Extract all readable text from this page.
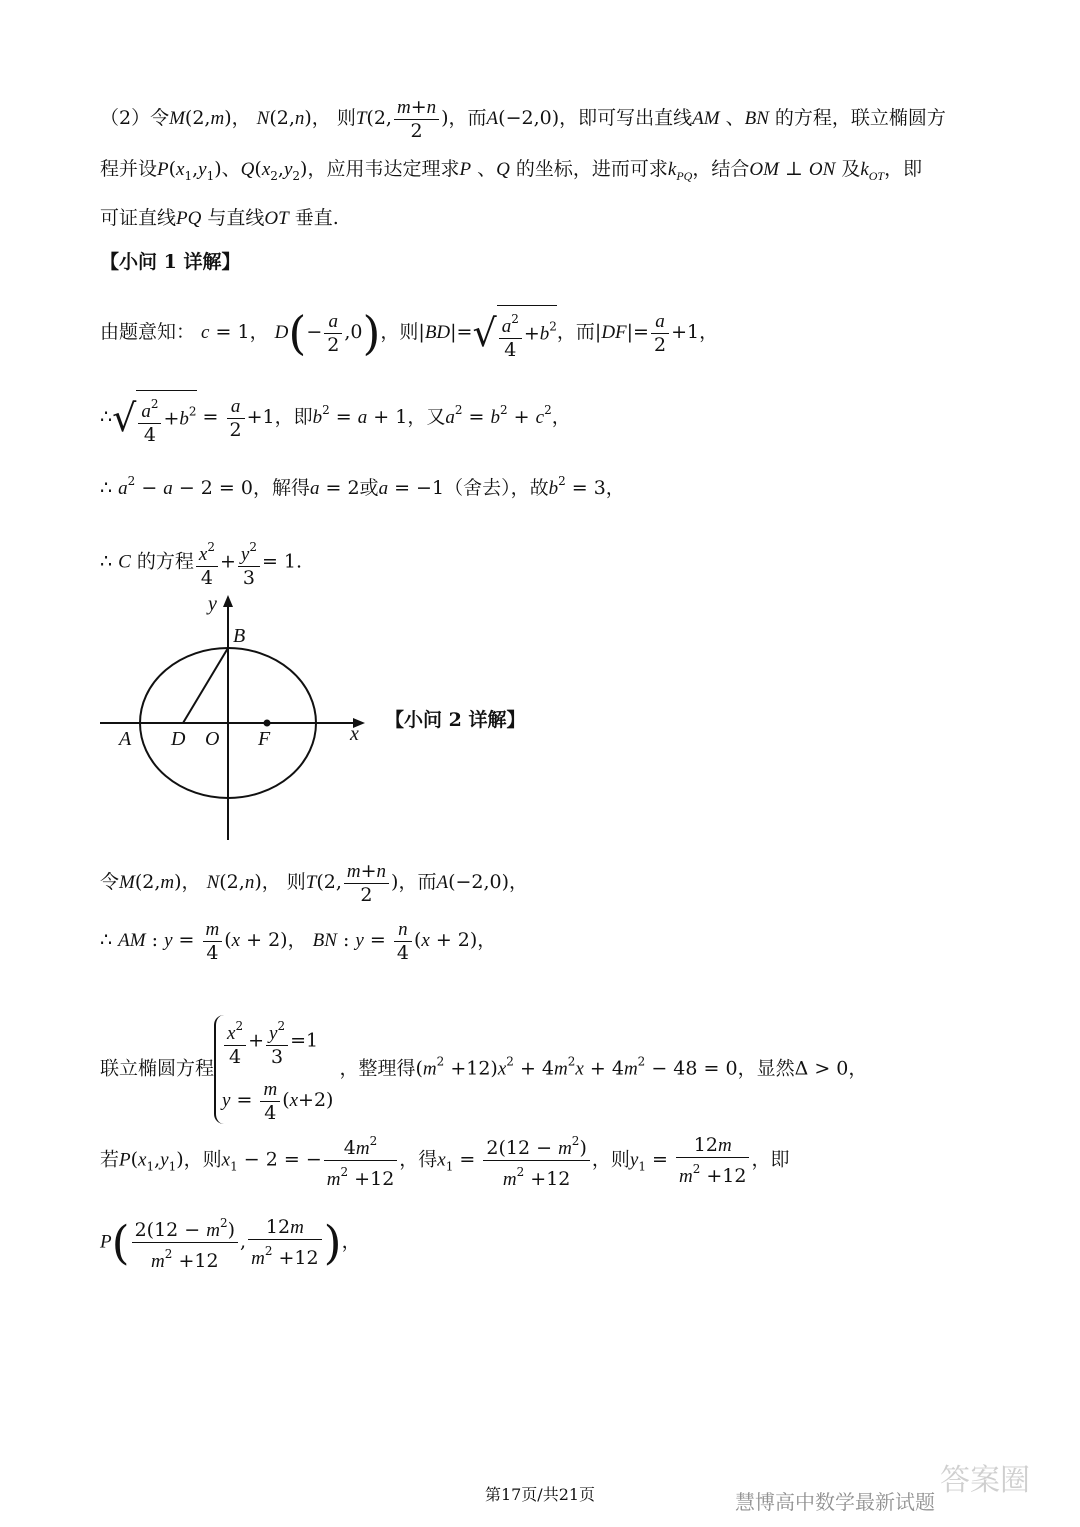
（2）令M(2,m)， N(2,n)， 则T(2, $\frac{m+n}{2}$ )，而A(−2,0)，即可写出直线AM 、BN 的方程，联立椭圆方
程并设$P(x_1,y_1)$、$Q(x_2,y_2)$，应用韦达定理求P 、Q 的坐标，进而可求$k_{PQ}$，结合OM ⊥ ON 及$k_{OT}$，即
可证直线PQ 与直线OT 垂直.
【小问 1 详解】
由题意知： c = 1， $D(- \frac{a}{2} ,0)$，则$|BD|=√ \frac{a^2}{4} +b^2$，而$|DF|= \frac{a}{2} +1$，
∴√ $\frac{a^2}{4} +b^2 = \frac{a}{2} +1$，即$b^2 = a + 1$，又$a^2 = b^2 + c^2$，
∴ $a^2 - a - 2 = 0$，解得a = 2或a = −1（舍去），故$b^2 = 3$，
∴ C 的方程 $\frac{x^2}{4} + \frac{y^2}{3} = 1$.
y
B
A D O F	x
【小问 2 详解】
令M(2,m)， N(2,n)， 则T(2, $\frac{m+n}{2}$ )，而A(−2,0)，
∴ AM : $y = \frac{m}{4} (x + 2)$， BN : $y = \frac{n}{4} (x + 2)$，
联立椭圆方程
$\frac{x^2}{4} + \frac{y^2}{3} =1$
$y = \frac{m}{4} (x+2)$
，整理得$(m^2 +12)x^2 + 4m^2x + 4m^2 - 48 = 0$，显然Δ > 0，
若$P(x_1,y_1)$，则$x_1 - 2$ = − $\frac{4m^2}{m^2 +12}$ ，得$x_1 = \frac{2(12 - m^2)}{m^2 +12}$ ，则$y_1 = \frac{12m}{m^2 +12}$ ，即
$P( \frac{2(12 - m^2)}{m^2 +12}$ , $\frac{12m}{m^2 +12}$ )，
第17页/共21页	答案圈
慧博高中数学最新试题
